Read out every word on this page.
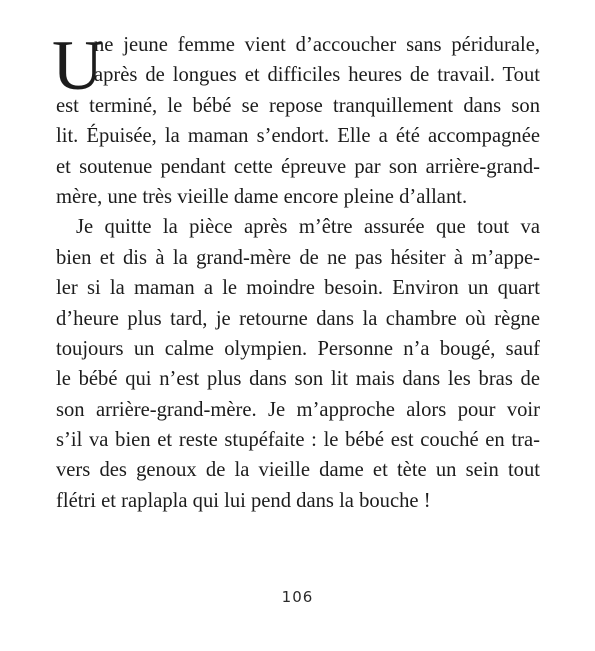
U
ne jeune femme vient d’accoucher sans péridurale,
après de longues et difficiles heures de travail. Tout
est terminé, le bébé se repose tranquillement dans son
lit. Épuisée, la maman s’endort. Elle a été accompagnée
et soutenue pendant cette épreuve par son arrière-grand-
mère, une très vieille dame encore pleine d’allant.
Je quitte la pièce après m’être assurée que tout va
bien et dis à la grand-mère de ne pas hésiter à m’appe-
ler si la maman a le moindre besoin. Environ un quart
d’heure plus tard, je retourne dans la chambre où règne
toujours un calme olympien. Personne n’a bougé, sauf
le bébé qui n’est plus dans son lit mais dans les bras de
son arrière-grand-mère. Je m’approche alors pour voir
s’il va bien et reste stupéfaite : le bébé est couché en tra-
vers des genoux de la vieille dame et tète un sein tout
flétri et raplapla qui lui pend dans la bouche !
106
